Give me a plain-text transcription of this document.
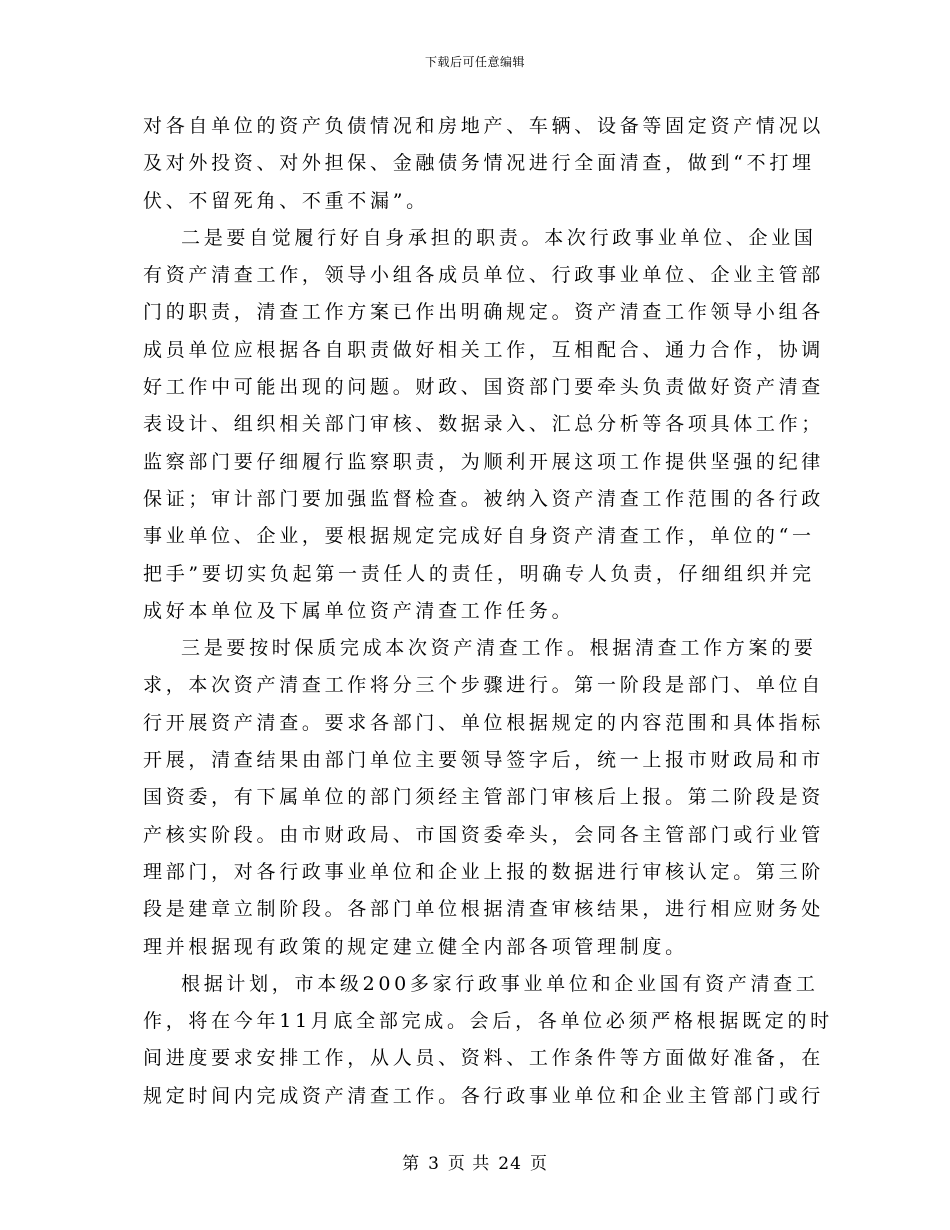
下载后可任意编辑
对各自单位的资产负债情况和房地产、车辆、设备等固定资产情况以
及对外投资、对外担保、金融债务情况进行全面清查，做到“不打埋
伏、不留死角、不重不漏”。
二是要自觉履行好自身承担的职责。本次行政事业单位、企业国
有资产清查工作，领导小组各成员单位、行政事业单位、企业主管部
门的职责，清查工作方案已作出明确规定。资产清查工作领导小组各
成员单位应根据各自职责做好相关工作，互相配合、通力合作，协调
好工作中可能出现的问题。财政、国资部门要牵头负责做好资产清查
表设计、组织相关部门审核、数据录入、汇总分析等各项具体工作；
监察部门要仔细履行监察职责，为顺利开展这项工作提供坚强的纪律
保证；审计部门要加强监督检查。被纳入资产清查工作范围的各行政
事业单位、企业，要根据规定完成好自身资产清查工作，单位的“一
把手”要切实负起第一责任人的责任，明确专人负责，仔细组织并完
成好本单位及下属单位资产清查工作任务。
三是要按时保质完成本次资产清查工作。根据清查工作方案的要
求，本次资产清查工作将分三个步骤进行。第一阶段是部门、单位自
行开展资产清查。要求各部门、单位根据规定的内容范围和具体指标
开展，清查结果由部门单位主要领导签字后，统一上报市财政局和市
国资委，有下属单位的部门须经主管部门审核后上报。第二阶段是资
产核实阶段。由市财政局、市国资委牵头，会同各主管部门或行业管
理部门，对各行政事业单位和企业上报的数据进行审核认定。第三阶
段是建章立制阶段。各部门单位根据清查审核结果，进行相应财务处
理并根据现有政策的规定建立健全内部各项管理制度。
根据计划，市本级200多家行政事业单位和企业国有资产清查工
作，将在今年11月底全部完成。会后，各单位必须严格根据既定的时
间进度要求安排工作，从人员、资料、工作条件等方面做好准备，在
规定时间内完成资产清查工作。各行政事业单位和企业主管部门或行
第 3 页 共 24 页
